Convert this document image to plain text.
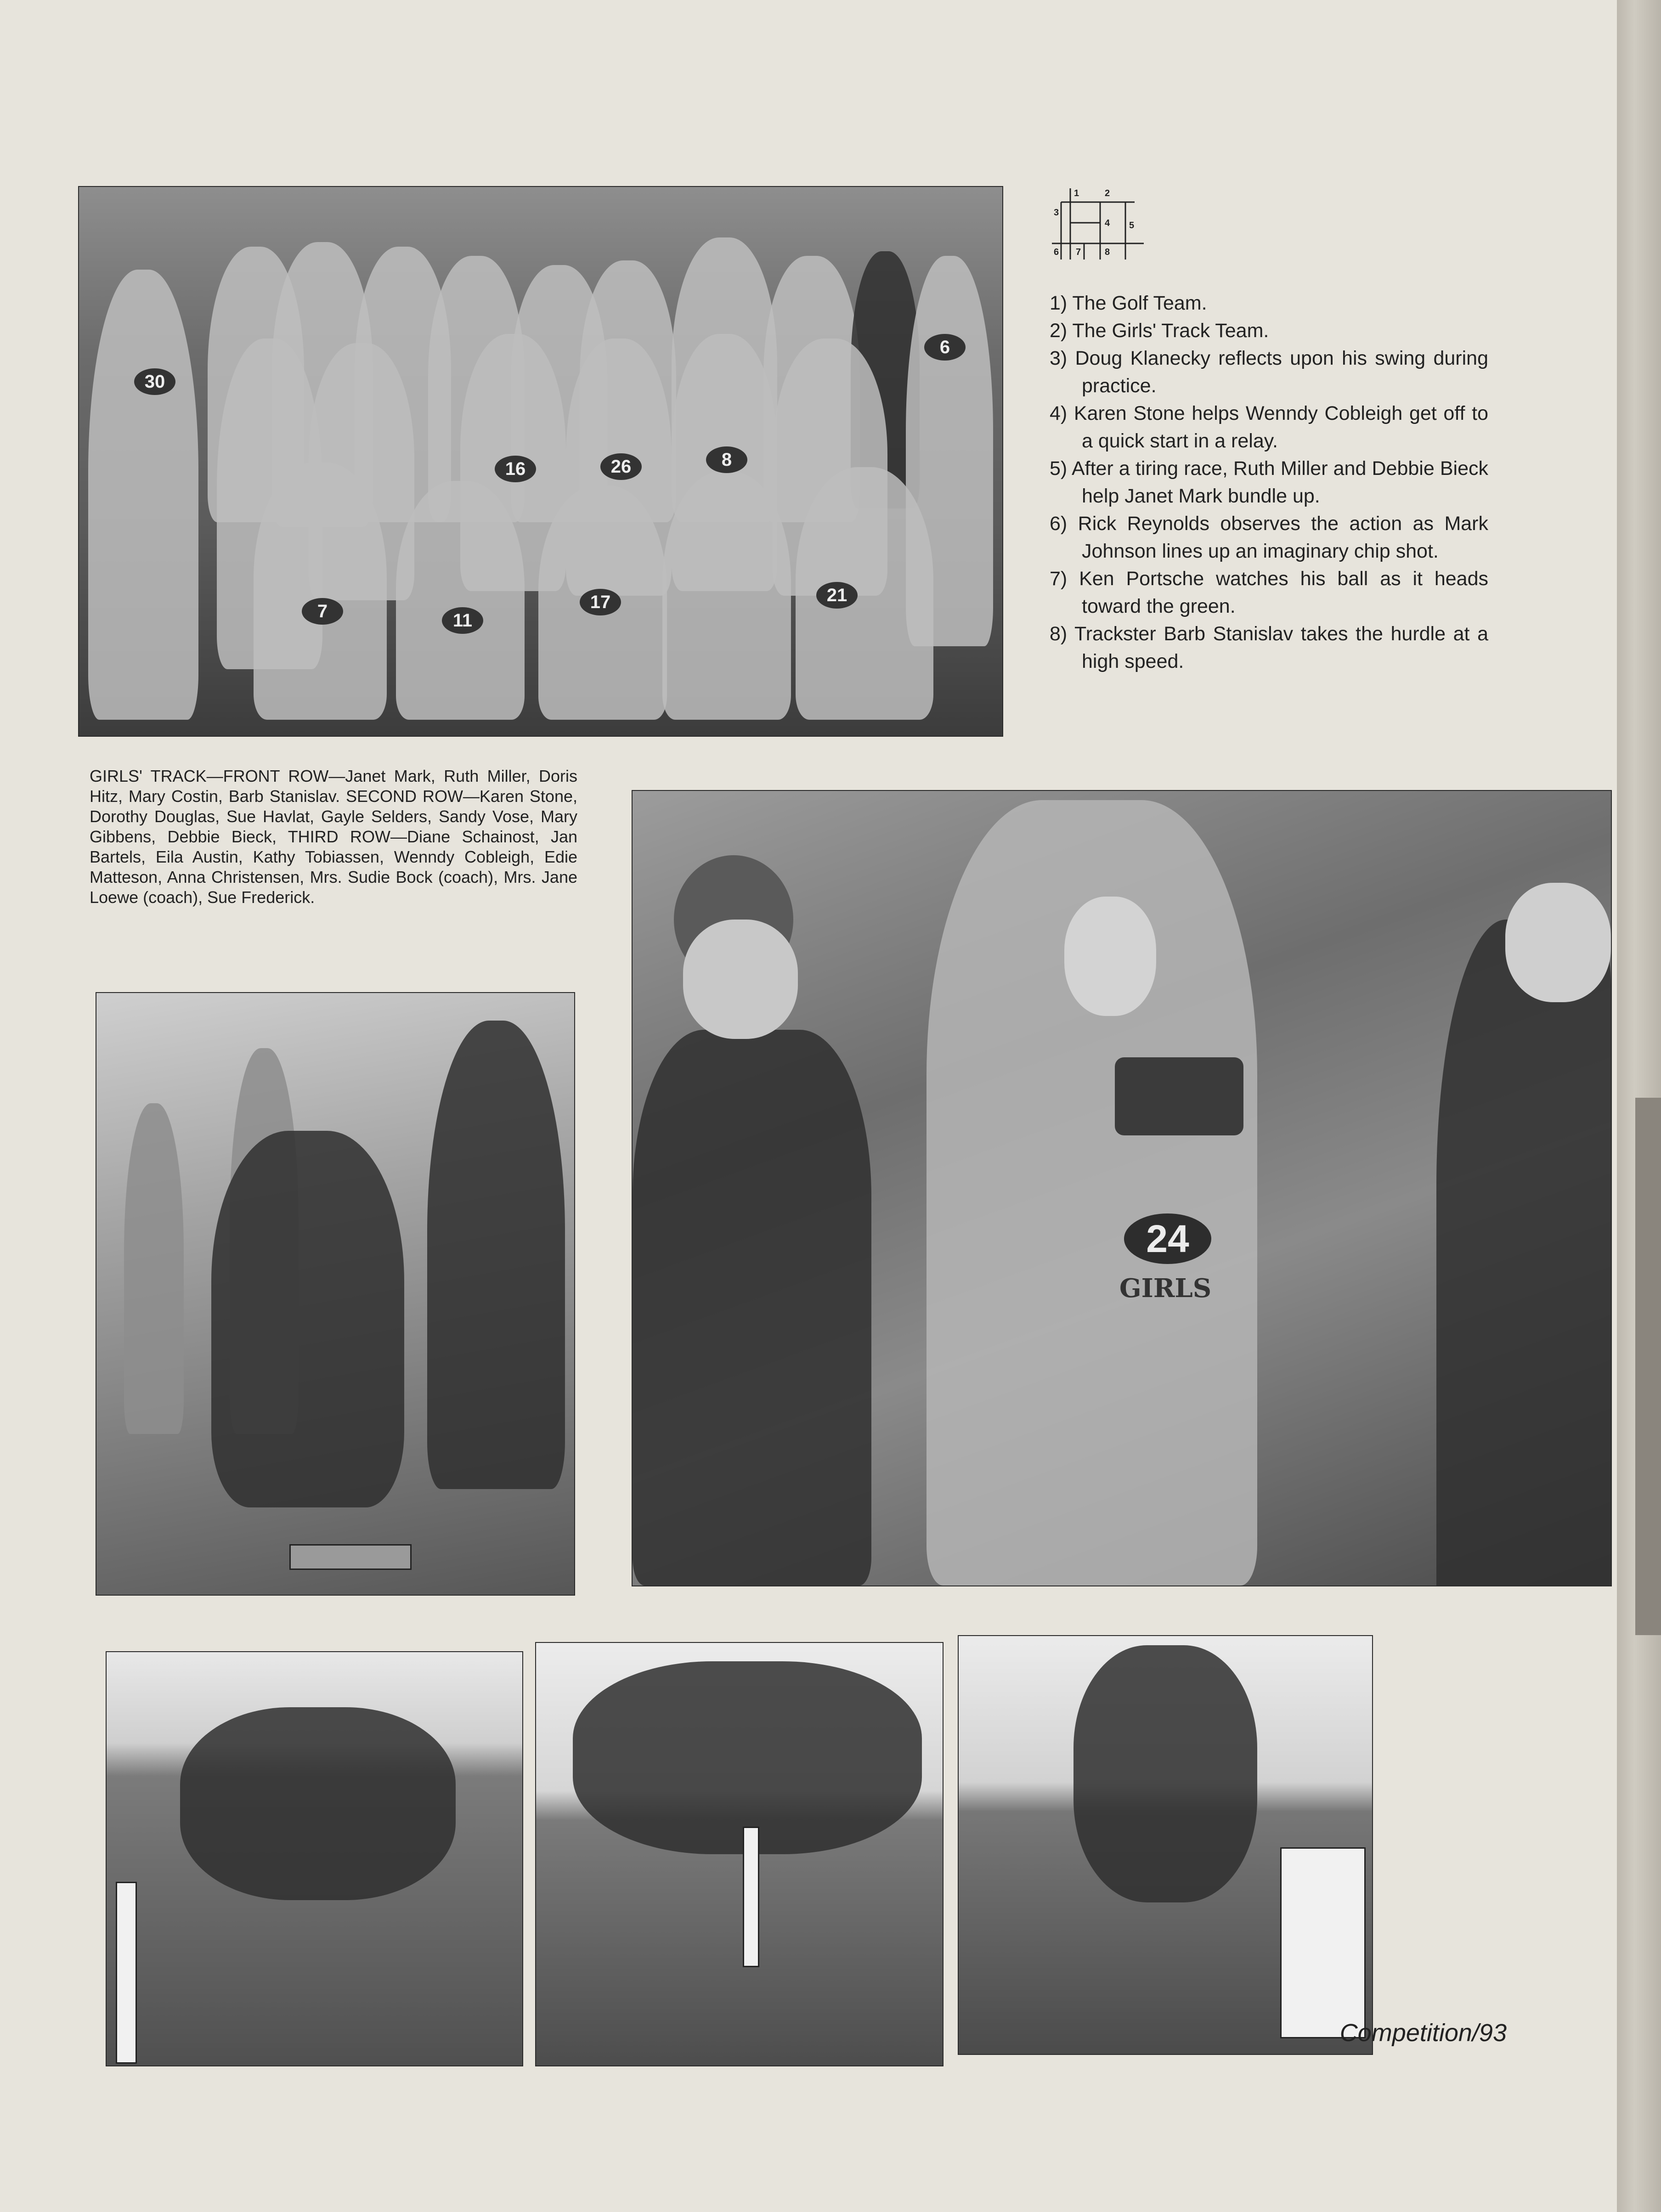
30
16	26	8
6
7	11
17	21
1	2
3
4 5
6 7	8
1) The Golf Team.
2) The Girls' Track Team.
3) Doug Klanecky reflects upon his swing during practice.
4) Karen Stone helps Wenndy Cobleigh get off to a quick start in a relay.
5) After a tiring race, Ruth Miller and Debbie Bieck help Janet Mark bundle up.
6) Rick Reynolds observes the action as Mark Johnson lines up an imaginary chip shot.
7) Ken Portsche watches his ball as it heads toward the green.
8) Trackster Barb Stanislav takes the hurdle at a high speed.

GIRLS' TRACK—FRONT ROW—Janet Mark, Ruth Miller, Doris Hitz, Mary Costin, Barb Stanislav. SECOND ROW—Karen Stone, Dorothy Douglas, Sue Havlat, Gayle Selders, Sandy Vose, Mary Gibbens, Debbie Bieck, THIRD ROW—Diane Schainost, Jan Bartels, Eila Austin, Kathy Tobiassen, Wenndy Cobleigh, Edie Matteson, Anna Christensen, Mrs. Sudie Bock (coach), Mrs. Jane Loewe (coach), Sue Frederick.

24
GIRLS
Competition/93
